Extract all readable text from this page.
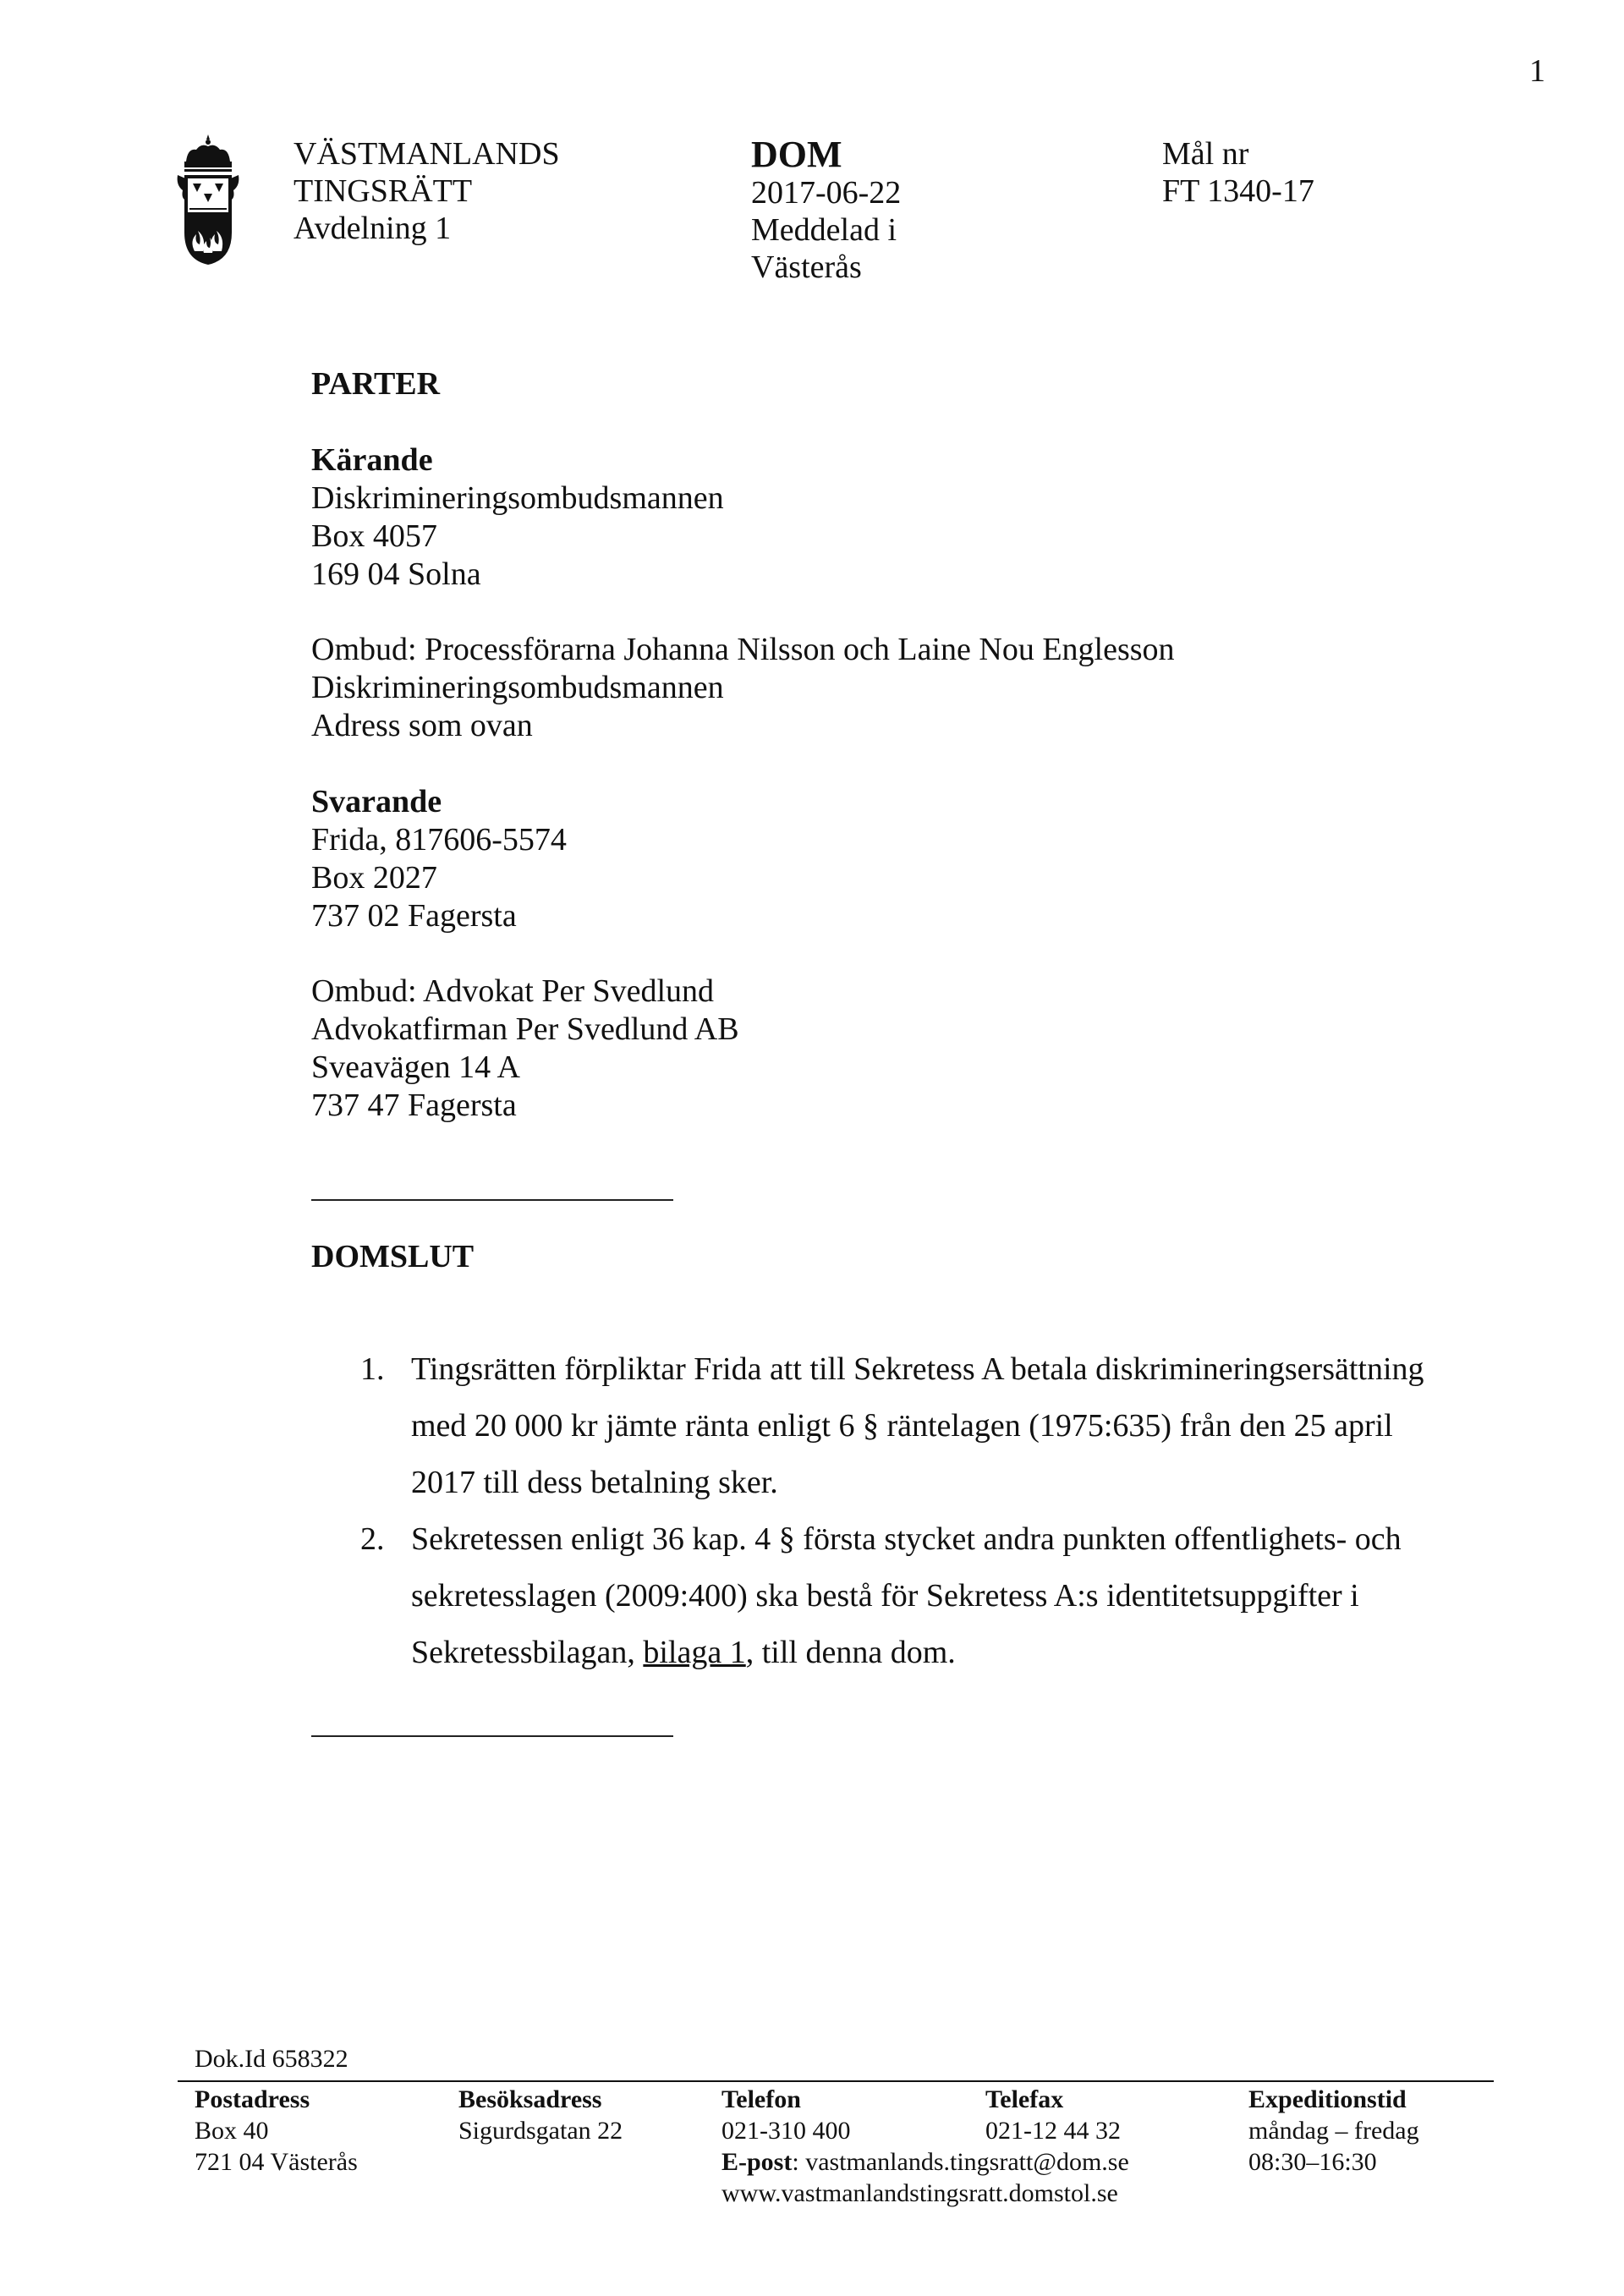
1
VÄSTMANLANDS
TINGSRÄTT
Avdelning 1
DOM
2017-06-22
Meddelad i
Västerås
Mål nr
FT 1340-17
PARTER
Kärande
Diskrimineringsombudsmannen
Box 4057
169 04 Solna
Ombud: Processförarna Johanna Nilsson och Laine Nou Englesson
Diskrimineringsombudsmannen
Adress som ovan
Svarande
Frida, 817606-5574
Box 2027
737 02 Fagersta
Ombud: Advokat Per Svedlund
Advokatfirman Per Svedlund AB
Sveavägen 14 A
737 47 Fagersta
DOMSLUT
1. Tingsrätten förpliktar Frida att till Sekretess A betala diskrimineringsersättning
med 20 000 kr jämte ränta enligt 6 § räntelagen (1975:635) från den 25 april
2017 till dess betalning sker.
2. Sekretessen enligt 36 kap. 4 § första stycket andra punkten offentlighets- och
sekretesslagen (2009:400) ska bestå för Sekretess A:s identitetsuppgifter i
Sekretessbilagan, bilaga 1, till denna dom.
Dok.Id 658322
Postadress
Box 40
721 04 Västerås
Besöksadress
Sigurdsgatan 22
Telefon
021-310 400
E-post: vastmanlands.tingsratt@dom.se
www.vastmanlandstingsratt.domstol.se
Telefax
021-12 44 32
Expeditionstid
måndag – fredag
08:30–16:30
